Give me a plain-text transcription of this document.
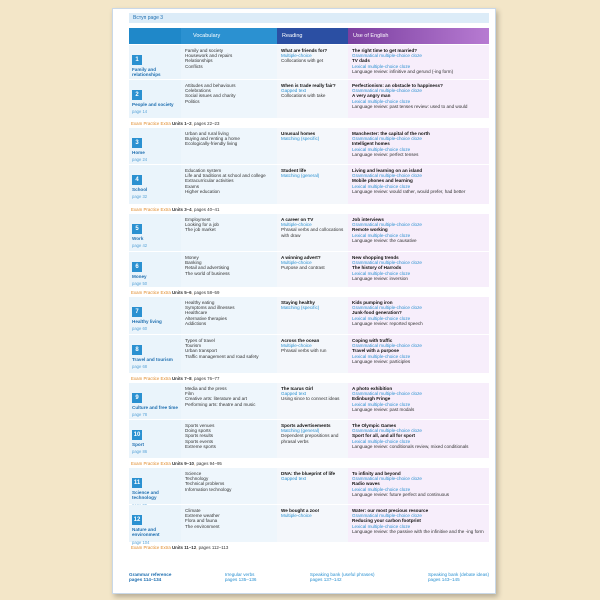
Bcтуп page 3
Vocabulary	Reading	Use of English
1
Family and relationships
Family and society
Housework and repairs
Relationships
Conflicts
What are friends for?
Multiple-choice
Collocations with get
The right time to get married?
Grammatical multiple-choice cloze
TV dads
Lexical multiple-choice cloze
Language review: infinitive and gerund (-ing form)
2
People and society
page 14
Attitudes and behaviours
Celebrations
Social issues and charity
Politics
When is trade really fair?
Gapped text
Collocations with take
Perfectionism: an obstacle to happiness?
Grammatical multiple-choice cloze
A very angry man
Lexical multiple-choice cloze
Language review: past tenses review: used to and would
Exam Practice Extra Units 1–2, pages 22–23
3
Home
page 24
Urban and rural living
Buying and renting a home
Ecologically-friendly living
Unusual homes
Matching (specific)
Manchester: the capital of the north
Grammatical multiple-choice cloze
Intelligent homes
Lexical multiple-choice cloze
Language review: perfect tenses
4
School
page 32
Education system
Life and traditions at school and college
Extracurricular activities
Exams
Higher education
Student life
Matching (general)
Living and learning on an island
Grammatical multiple-choice cloze
Mobile phones and learning
Lexical multiple-choice cloze
Language review: would rather, would prefer, had better
Exam Practice Extra Units 3–4, pages 40–41
5
Work
page 42
Employment
Looking for a job
The job market
A career on TV
Multiple-choice
Phrasal verbs and collocations with draw
Job interviews
Grammatical multiple-choice cloze
Remote working
Lexical multiple-choice cloze
Language review: the causative
6
Money
page 50
Money
Banking
Retail and advertising
The world of business
A winning advert?
Multiple-choice
Purpose and contrast
New shopping trends
Grammatical multiple-choice cloze
The history of Harrods
Lexical multiple-choice cloze
Language review: inversion
Exam Practice Extra Units 5–6, pages 58–59
7
Healthy living
page 60
Healthy eating
Symptoms and illnesses
Healthcare
Alternative therapies
Addictions
Staying healthy
Matching (specific)
Kids pumping iron
Grammatical multiple-choice cloze
Junk-food generation?
Lexical multiple-choice cloze
Language review: reported speech
8
Travel and tourism
page 68
Types of travel
Tourism
Urban transport
Traffic management and road safety
Across the ocean
Multiple-choice
Phrasal verbs with run
Coping with traffic
Grammatical multiple-choice cloze
Travel with a purpose
Lexical multiple-choice cloze
Language review: participles
Exam Practice Extra Units 7–8, pages 76–77
9
Culture and free time
page 78
Media and the press
Film
Creative arts: literature and art
Performing arts: theatre and music
The Icarus Girl
Gapped text
Using since to connect ideas
A photo exhibition
Grammatical multiple-choice cloze
Edinburgh Fringe
Lexical multiple-choice cloze
Language review: past modals
10
Sport
page 86
Sports venues
Doing sports
Sports results
Sports events
Extreme sports
Sports advertisements
Matching (general)
Dependent prepositions and phrasal verbs
The Olympic Games
Grammatical multiple-choice cloze
Sport for all, and all for sport
Lexical multiple-choice cloze
Language review: conditionals review, mixed conditionals
Exam Practice Extra Units 9–10, pages 94–95
11
Science and technology
Science
Technology
Technical problems
Information technology
DNA: the blueprint of life
Gapped text
To infinity and beyond
Grammatical multiple-choice cloze
Radio waves
Lexical multiple-choice cloze
Language review: future perfect and continuous
12
Nature and environment
page 104
Climate
Extreme weather
Flora and fauna
The environment
We bought a zoo!
Multiple-choice
Water: our most precious resource
Grammatical multiple-choice cloze
Reducing your carbon footprint
Lexical multiple-choice cloze
Language review: the passive with the infinitive and the -ing form
Exam Practice Extra Units 11–12, pages 112–113
Grammar reference
pages 114–134
Irregular verbs
pages 135–136
Speaking bank (useful phrases)
pages 137–142
Speaking bank (debate ideas)
pages 143–145
